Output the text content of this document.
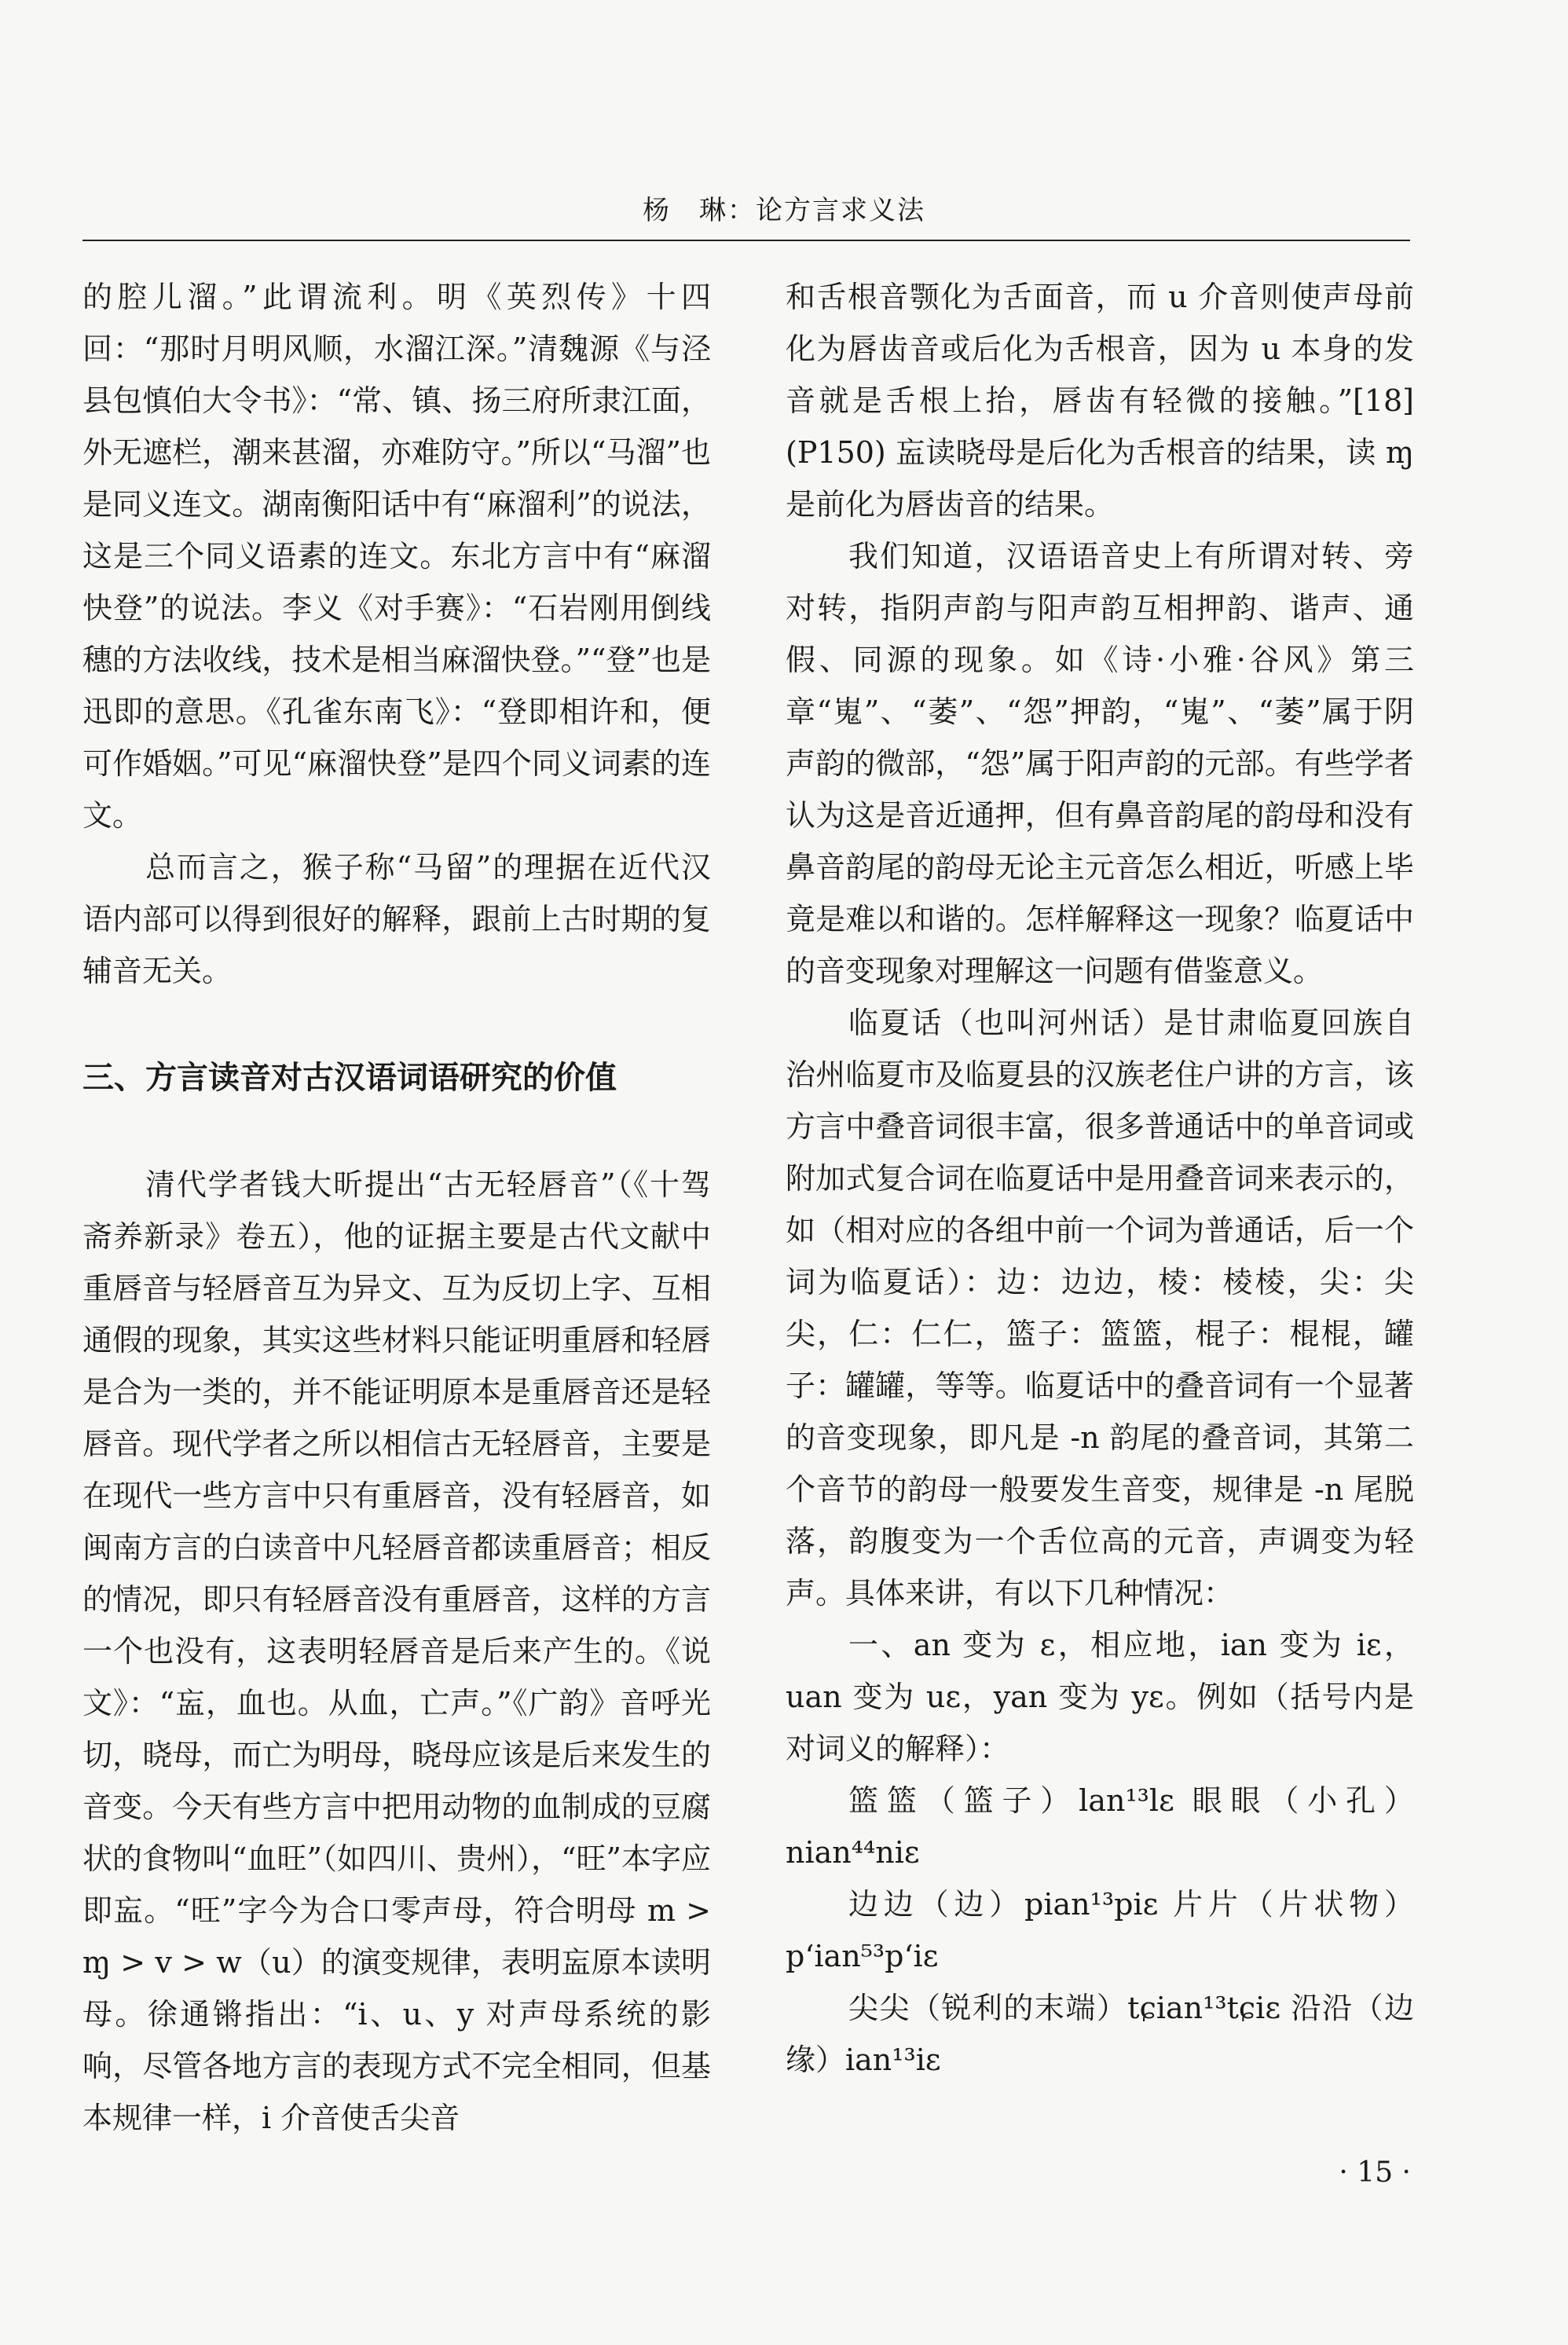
杨　琳：论方言求义法

的腔儿溜。”此谓流利。明《英烈传》十四回：“那时月明风顺，水溜江深。”清魏源《与泾县包慎伯大令书》：“常、镇、扬三府所隶江面，外无遮栏，潮来甚溜，亦难防守。”所以“马溜”也是同义连文。湖南衡阳话中有“麻溜利”的说法，这是三个同义语素的连文。东北方言中有“麻溜快登”的说法。李义《对手赛》：“石岩刚用倒线穗的方法收线，技术是相当麻溜快登。”“登”也是迅即的意思。《孔雀东南飞》：“登即相许和，便可作婚姻。”可见“麻溜快登”是四个同义词素的连文。

总而言之，猴子称“马留”的理据在近代汉语内部可以得到很好的解释，跟前上古时期的复辅音无关。

三、方言读音对古汉语词语研究的价值

清代学者钱大昕提出“古无轻唇音”（《十驾斋养新录》卷五），他的证据主要是古代文献中重唇音与轻唇音互为异文、互为反切上字、互相通假的现象，其实这些材料只能证明重唇和轻唇是合为一类的，并不能证明原本是重唇音还是轻唇音。现代学者之所以相信古无轻唇音，主要是在现代一些方言中只有重唇音，没有轻唇音，如闽南方言的白读音中凡轻唇音都读重唇音；相反的情况，即只有轻唇音没有重唇音，这样的方言一个也没有，这表明轻唇音是后来产生的。《说文》：“衁，血也。从血，亡声。”《广韵》音呼光切，晓母，而亡为明母，晓母应该是后来发生的音变。今天有些方言中把用动物的血制成的豆腐状的食物叫“血旺”（如四川、贵州），“旺”本字应即衁。“旺”字今为合口零声母，符合明母 m > ɱ > v > w（u）的演变规律，表明衁原本读明母。徐通锵指出：“i、u、y 对声母系统的影响，尽管各地方言的表现方式不完全相同，但基本规律一样，i 介音使舌尖音

和舌根音颚化为舌面音，而 u 介音则使声母前化为唇齿音或后化为舌根音，因为 u 本身的发　音就是舌根上抬，唇齿有轻微的接触。”[18](P150) 衁读晓母是后化为舌根音的结果，读 ɱ 是前化为唇齿音的结果。

我们知道，汉语语音史上有所谓对转、旁对转，指阴声韵与阳声韵互相押韵、谐声、通假、同源的现象。如《诗·小雅·谷风》第三章“嵬”、“萎”、“怨”押韵，“嵬”、“萎”属于阴声韵的微部，“怨”属于阳声韵的元部。有些学者认为这是音近通押，但有鼻音韵尾的韵母和没有鼻音韵尾的韵母无论主元音怎么相近，听感上毕竟是难以和谐的。怎样解释这一现象？临夏话中的音变现象对理解这一问题有借鉴意义。

临夏话（也叫河州话）是甘肃临夏回族自治州临夏市及临夏县的汉族老住户讲的方言，该方言中叠音词很丰富，很多普通话中的单音词或附加式复合词在临夏话中是用叠音词来表示的，如（相对应的各组中前一个词为普通话，后一个词为临夏话）：边：边边，棱：棱棱，尖：尖尖，仁：仁仁，篮子：篮篮，棍子：棍棍，罐子：罐罐，等等。临夏话中的叠音词有一个显著的音变现象，即凡是 -n 韵尾的叠音词，其第二个音节的韵母一般要发生音变，规律是 -n 尾脱落，韵腹变为一个舌位高的元音，声调变为轻声。具体来讲，有以下几种情况：

一、an 变为 ɛ，相应地，ian 变为 iɛ，uan 变为 uɛ，yan 变为 yɛ。例如（括号内是对词义的解释）：

篮篮（篮子）lan¹³lɛ 眼眼（小孔）nian⁴⁴niɛ

边边（边）pian¹³piɛ 片片（片状物）p‘ian⁵³p‘iɛ

尖尖（锐利的末端）tɕian¹³tɕiɛ 沿沿（边缘）ian¹³iɛ

· 15 ·
